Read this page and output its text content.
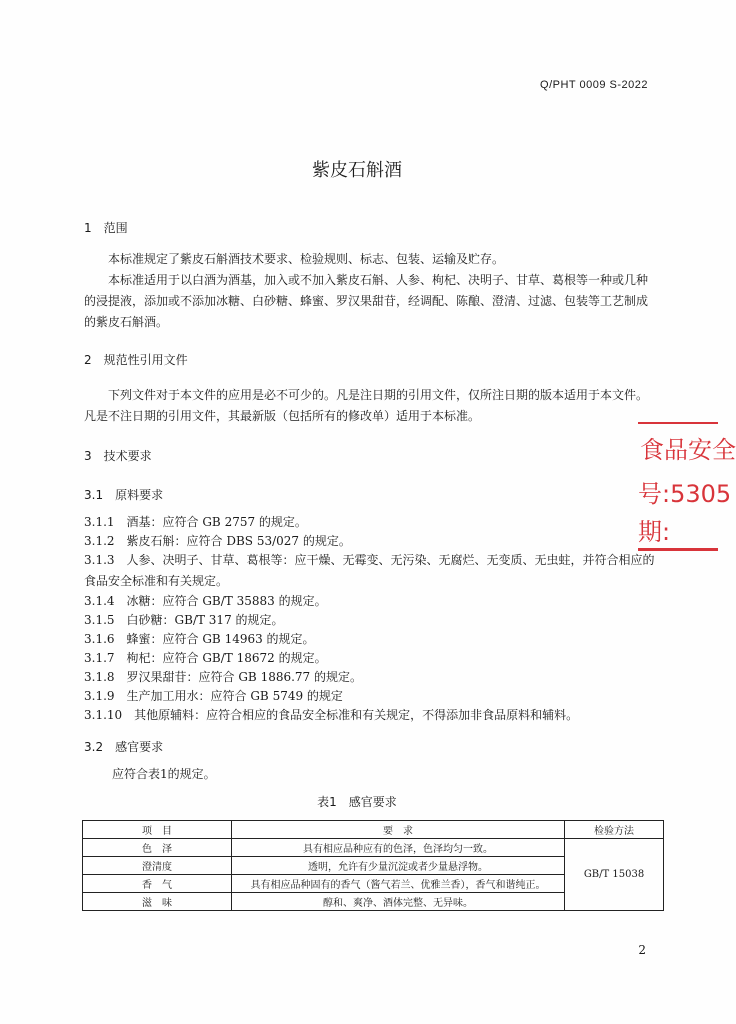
Q/PHT 0009 S-2022
紫皮石斛酒
1　范围
本标准规定了紫皮石斛酒技术要求、检验规则、标志、包装、运输及贮存。
本标准适用于以白酒为酒基，加入或不加入紫皮石斛、人参、枸杞、决明子、甘草、葛根等一种或几种的浸提液，添加或不添加冰糖、白砂糖、蜂蜜、罗汉果甜苷，经调配、陈酿、澄清、过滤、包装等工艺制成的紫皮石斛酒。
2　规范性引用文件
下列文件对于本文件的应用是必不可少的。凡是注日期的引用文件，仅所注日期的版本适用于本文件。凡是不注日期的引用文件，其最新版（包括所有的修改单）适用于本标准。
3　技术要求
3.1　原料要求
3.1.1　酒基：应符合 GB 2757 的规定。
3.1.2　紫皮石斛：应符合 DBS 53/027 的规定。
3.1.3　人参、决明子、甘草、葛根等：应干燥、无霉变、无污染、无腐烂、无变质、无虫蛀，并符合相应的食品安全标准和有关规定。
3.1.4　冰糖：应符合 GB/T 35883 的规定。
3.1.5　白砂糖：GB/T 317 的规定。
3.1.6　蜂蜜：应符合 GB 14963 的规定。
3.1.7　枸杞：应符合 GB/T 18672 的规定。
3.1.8　罗汉果甜苷：应符合 GB 1886.77 的规定。
3.1.9　生产加工用水：应符合 GB 5749 的规定
3.1.10　其他原辅料：应符合相应的食品安全标准和有关规定，不得添加非食品原料和辅料。
3.2　感官要求
应符合表1的规定。
表1　感官要求
项　目	要　求	检验方法
色　泽	具有相应品种应有的色泽，色泽均匀一致。	GB/T 15038
澄清度	透明，允许有少量沉淀或者少量悬浮物。	
香　气	具有相应品种固有的香气（酱气若兰、优雅兰香），香气和谐纯正。	
滋　味	醇和、爽净、酒体完整、无异味。	
食品安全
号:5305
期:
2
